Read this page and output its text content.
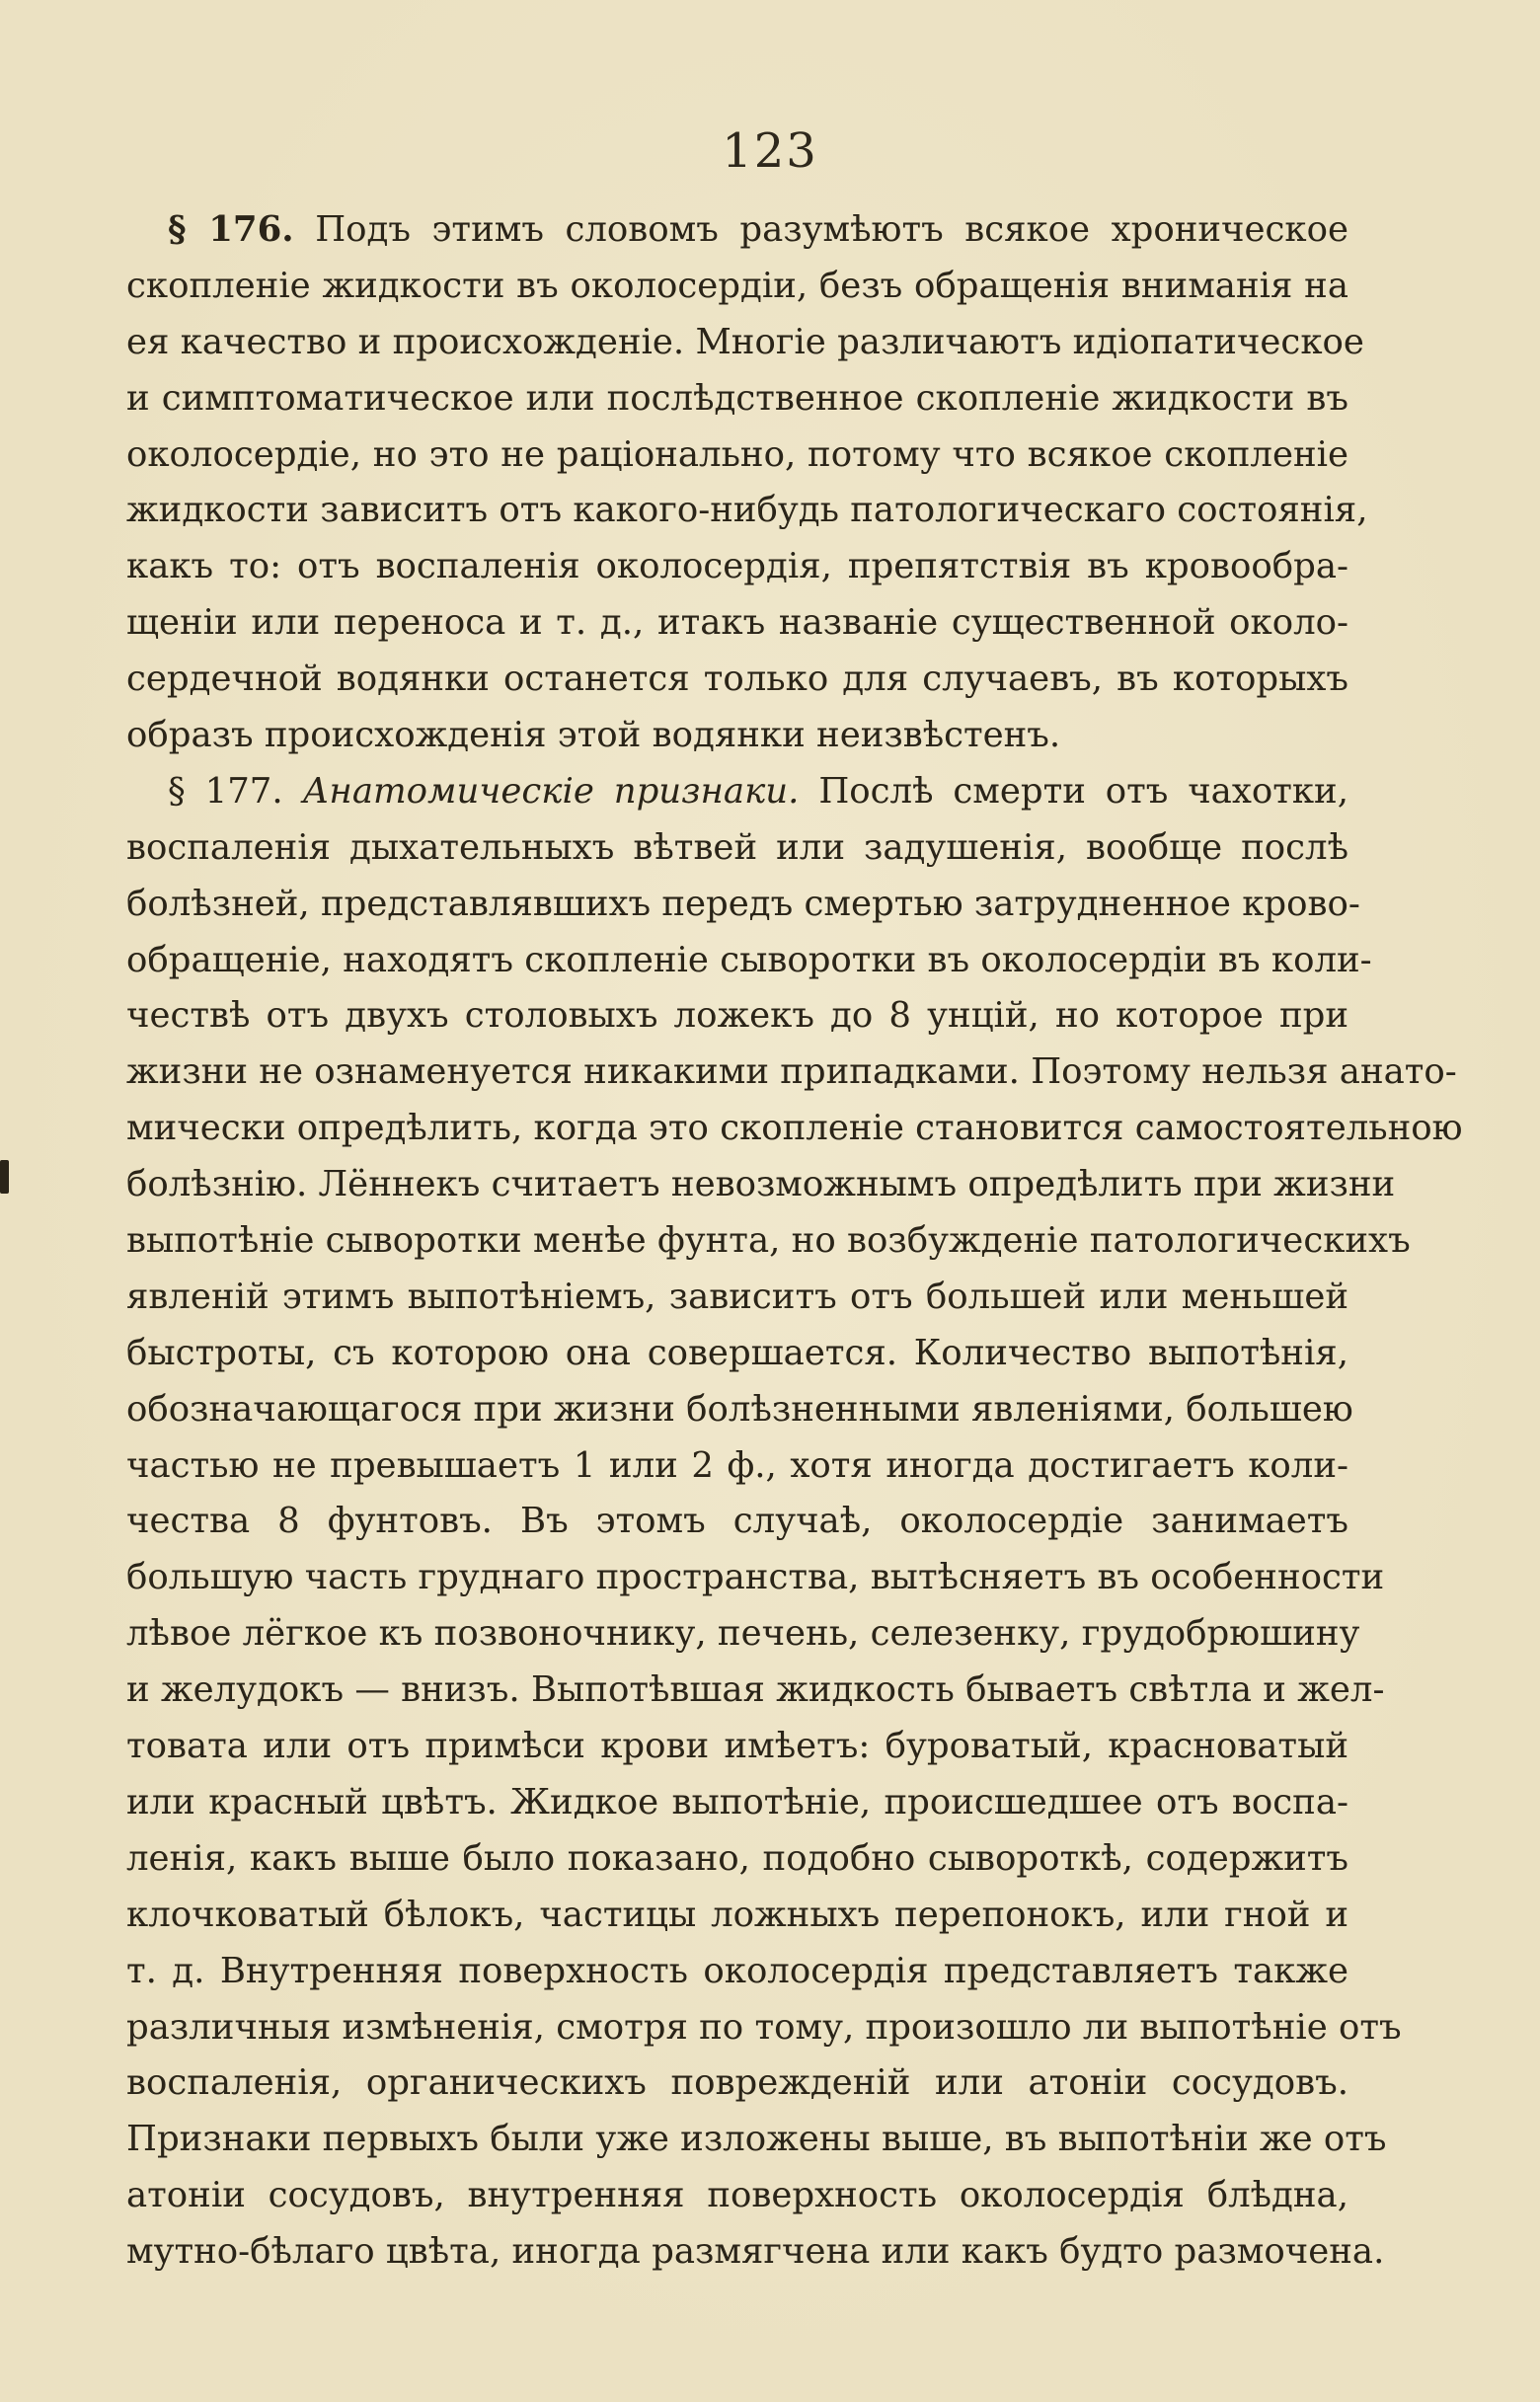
123
§ 176. Подъ этимъ словомъ разумѣютъ всякое хроническое
скопленіе жидкости въ околосердіи, безъ обращенія вниманія на
ея качество и происхожденіе. Многіе различаютъ идіопатическое
и симптоматическое или послѣдственное скопленіе жидкости въ
околосердіе, но это не раціонально, потому что всякое скопленіе
жидкости зависитъ отъ какого-нибудь патологическаго состоянія,
какъ то: отъ воспаленія околосердія, препятствія въ кровообра-
щеніи или переноса и т. д., итакъ названіе существенной около-
сердечной водянки останется только для случаевъ, въ которыхъ
образъ происхожденія этой водянки неизвѣстенъ.
§ 177. Анатомическіе признаки. Послѣ смерти отъ чахотки,
воспаленія дыхательныхъ вѣтвей или задушенія, вообще послѣ
болѣзней, представлявшихъ передъ смертью затрудненное крово-
обращеніе, находятъ скопленіе сыворотки въ околосердіи въ коли-
чествѣ отъ двухъ столовыхъ ложекъ до 8 унцій, но которое при
жизни не ознаменуется никакими припадками. Поэтому нельзя анато-
мически опредѣлить, когда это скопленіе становится самостоятельною
болѣзнію. Лённекъ считаетъ невозможнымъ опредѣлить при жизни
выпотѣніе сыворотки менѣе фунта, но возбужденіе патологическихъ
явленій этимъ выпотѣніемъ, зависитъ отъ большей или меньшей
быстроты, съ которою она совершается. Количество выпотѣнія,
обозначающагося при жизни болѣзненными явленіями, большею
частью не превышаетъ 1 или 2 ф., хотя иногда достигаетъ коли-
чества 8 фунтовъ. Въ этомъ случаѣ, околосердіе занимаетъ
большую часть груднаго пространства, вытѣсняетъ въ особенности
лѣвое лёгкое къ позвоночнику, печень, селезенку, грудобрюшину
и желудокъ — внизъ. Выпотѣвшая жидкость бываетъ свѣтла и жел-
товата или отъ примѣси крови имѣетъ: буроватый, красноватый
или красный цвѣтъ. Жидкое выпотѣніе, происшедшее отъ воспа-
ленія, какъ выше было показано, подобно сывороткѣ, содержитъ
клочковатый бѣлокъ, частицы ложныхъ перепонокъ, или гной и
т. д. Внутренняя поверхность околосердія представляетъ также
различныя измѣненія, смотря по тому, произошло ли выпотѣніе отъ
воспаленія, органическихъ поврежденій или атоніи сосудовъ.
Признаки первыхъ были уже изложены выше, въ выпотѣніи же отъ
атоніи сосудовъ, внутренняя поверхность околосердія блѣдна,
мутно-бѣлаго цвѣта, иногда размягчена или какъ будто размочена.
